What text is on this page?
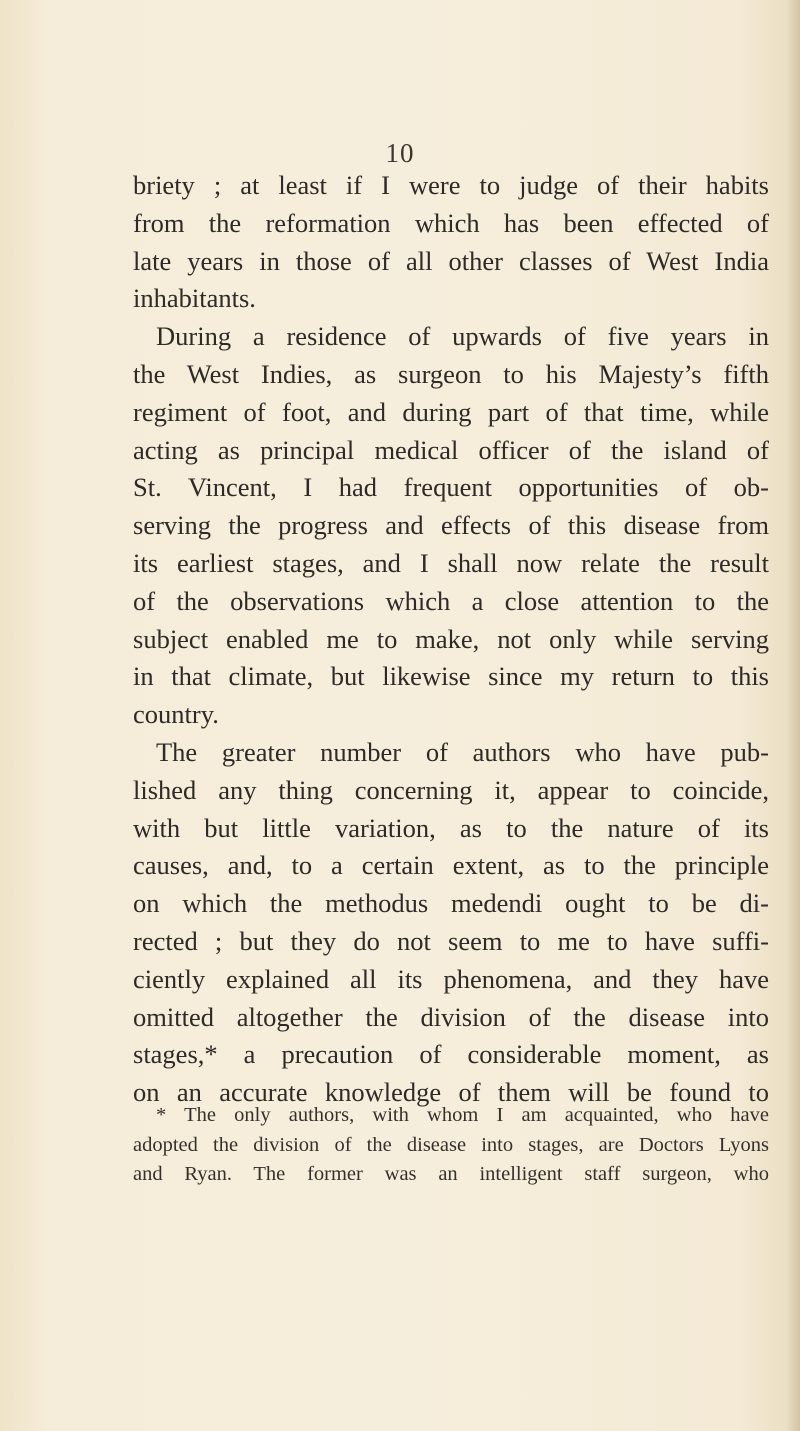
10
briety ; at least if I were to judge of their habits
from the reformation which has been effected of
late years in those of all other classes of West India
inhabitants.
During a residence of upwards of five years in
the West Indies, as surgeon to his Majesty’s fifth
regiment of foot, and during part of that time, while
acting as principal medical officer of the island of
St. Vincent, I had frequent opportunities of ob-
serving the progress and effects of this disease from
its earliest stages, and I shall now relate the result
of the observations which a close attention to the
subject enabled me to make, not only while serving
in that climate, but likewise since my return to this
country.
The greater number of authors who have pub-
lished any thing concerning it, appear to coincide,
with but little variation, as to the nature of its
causes, and, to a certain extent, as to the principle
on which the methodus medendi ought to be di-
rected ; but they do not seem to me to have suffi-
ciently explained all its phenomena, and they have
omitted altogether the division of the disease into
stages,* a precaution of considerable moment, as
on an accurate knowledge of them will be found to
* The only authors, with whom I am acquainted, who have
adopted the division of the disease into stages, are Doctors Lyons
and Ryan. The former was an intelligent staff surgeon, who
